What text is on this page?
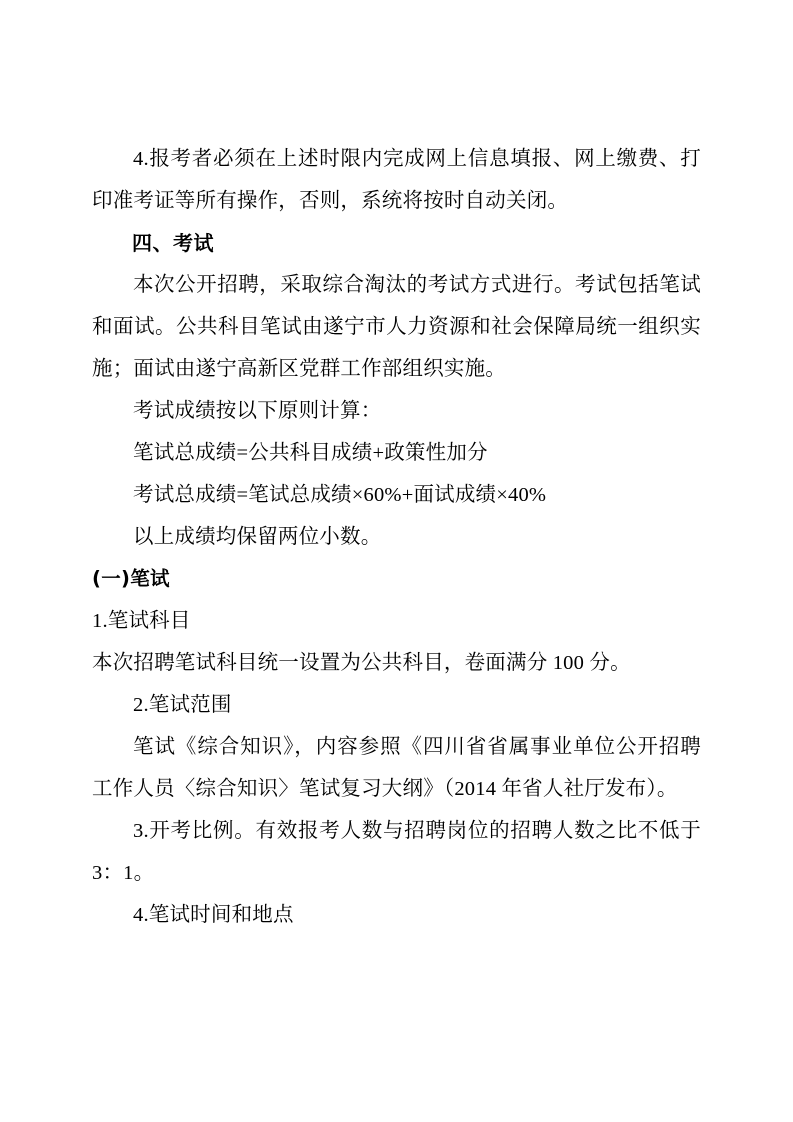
4.报考者必须在上述时限内完成网上信息填报、网上缴费、打印准考证等所有操作，否则，系统将按时自动关闭。

四、考试

本次公开招聘，采取综合淘汰的考试方式进行。考试包括笔试和面试。公共科目笔试由遂宁市人力资源和社会保障局统一组织实施；面试由遂宁高新区党群工作部组织实施。

考试成绩按以下原则计算：

笔试总成绩=公共科目成绩+政策性加分

考试总成绩=笔试总成绩×60%+面试成绩×40%

以上成绩均保留两位小数。

(一)笔试

1.笔试科目

本次招聘笔试科目统一设置为公共科目，卷面满分 100 分。

2.笔试范围

笔试《综合知识》，内容参照《四川省省属事业单位公开招聘工作人员〈综合知识〉笔试复习大纲》（2014 年省人社厅发布）。

3.开考比例。有效报考人数与招聘岗位的招聘人数之比不低于 3：1。

4.笔试时间和地点
